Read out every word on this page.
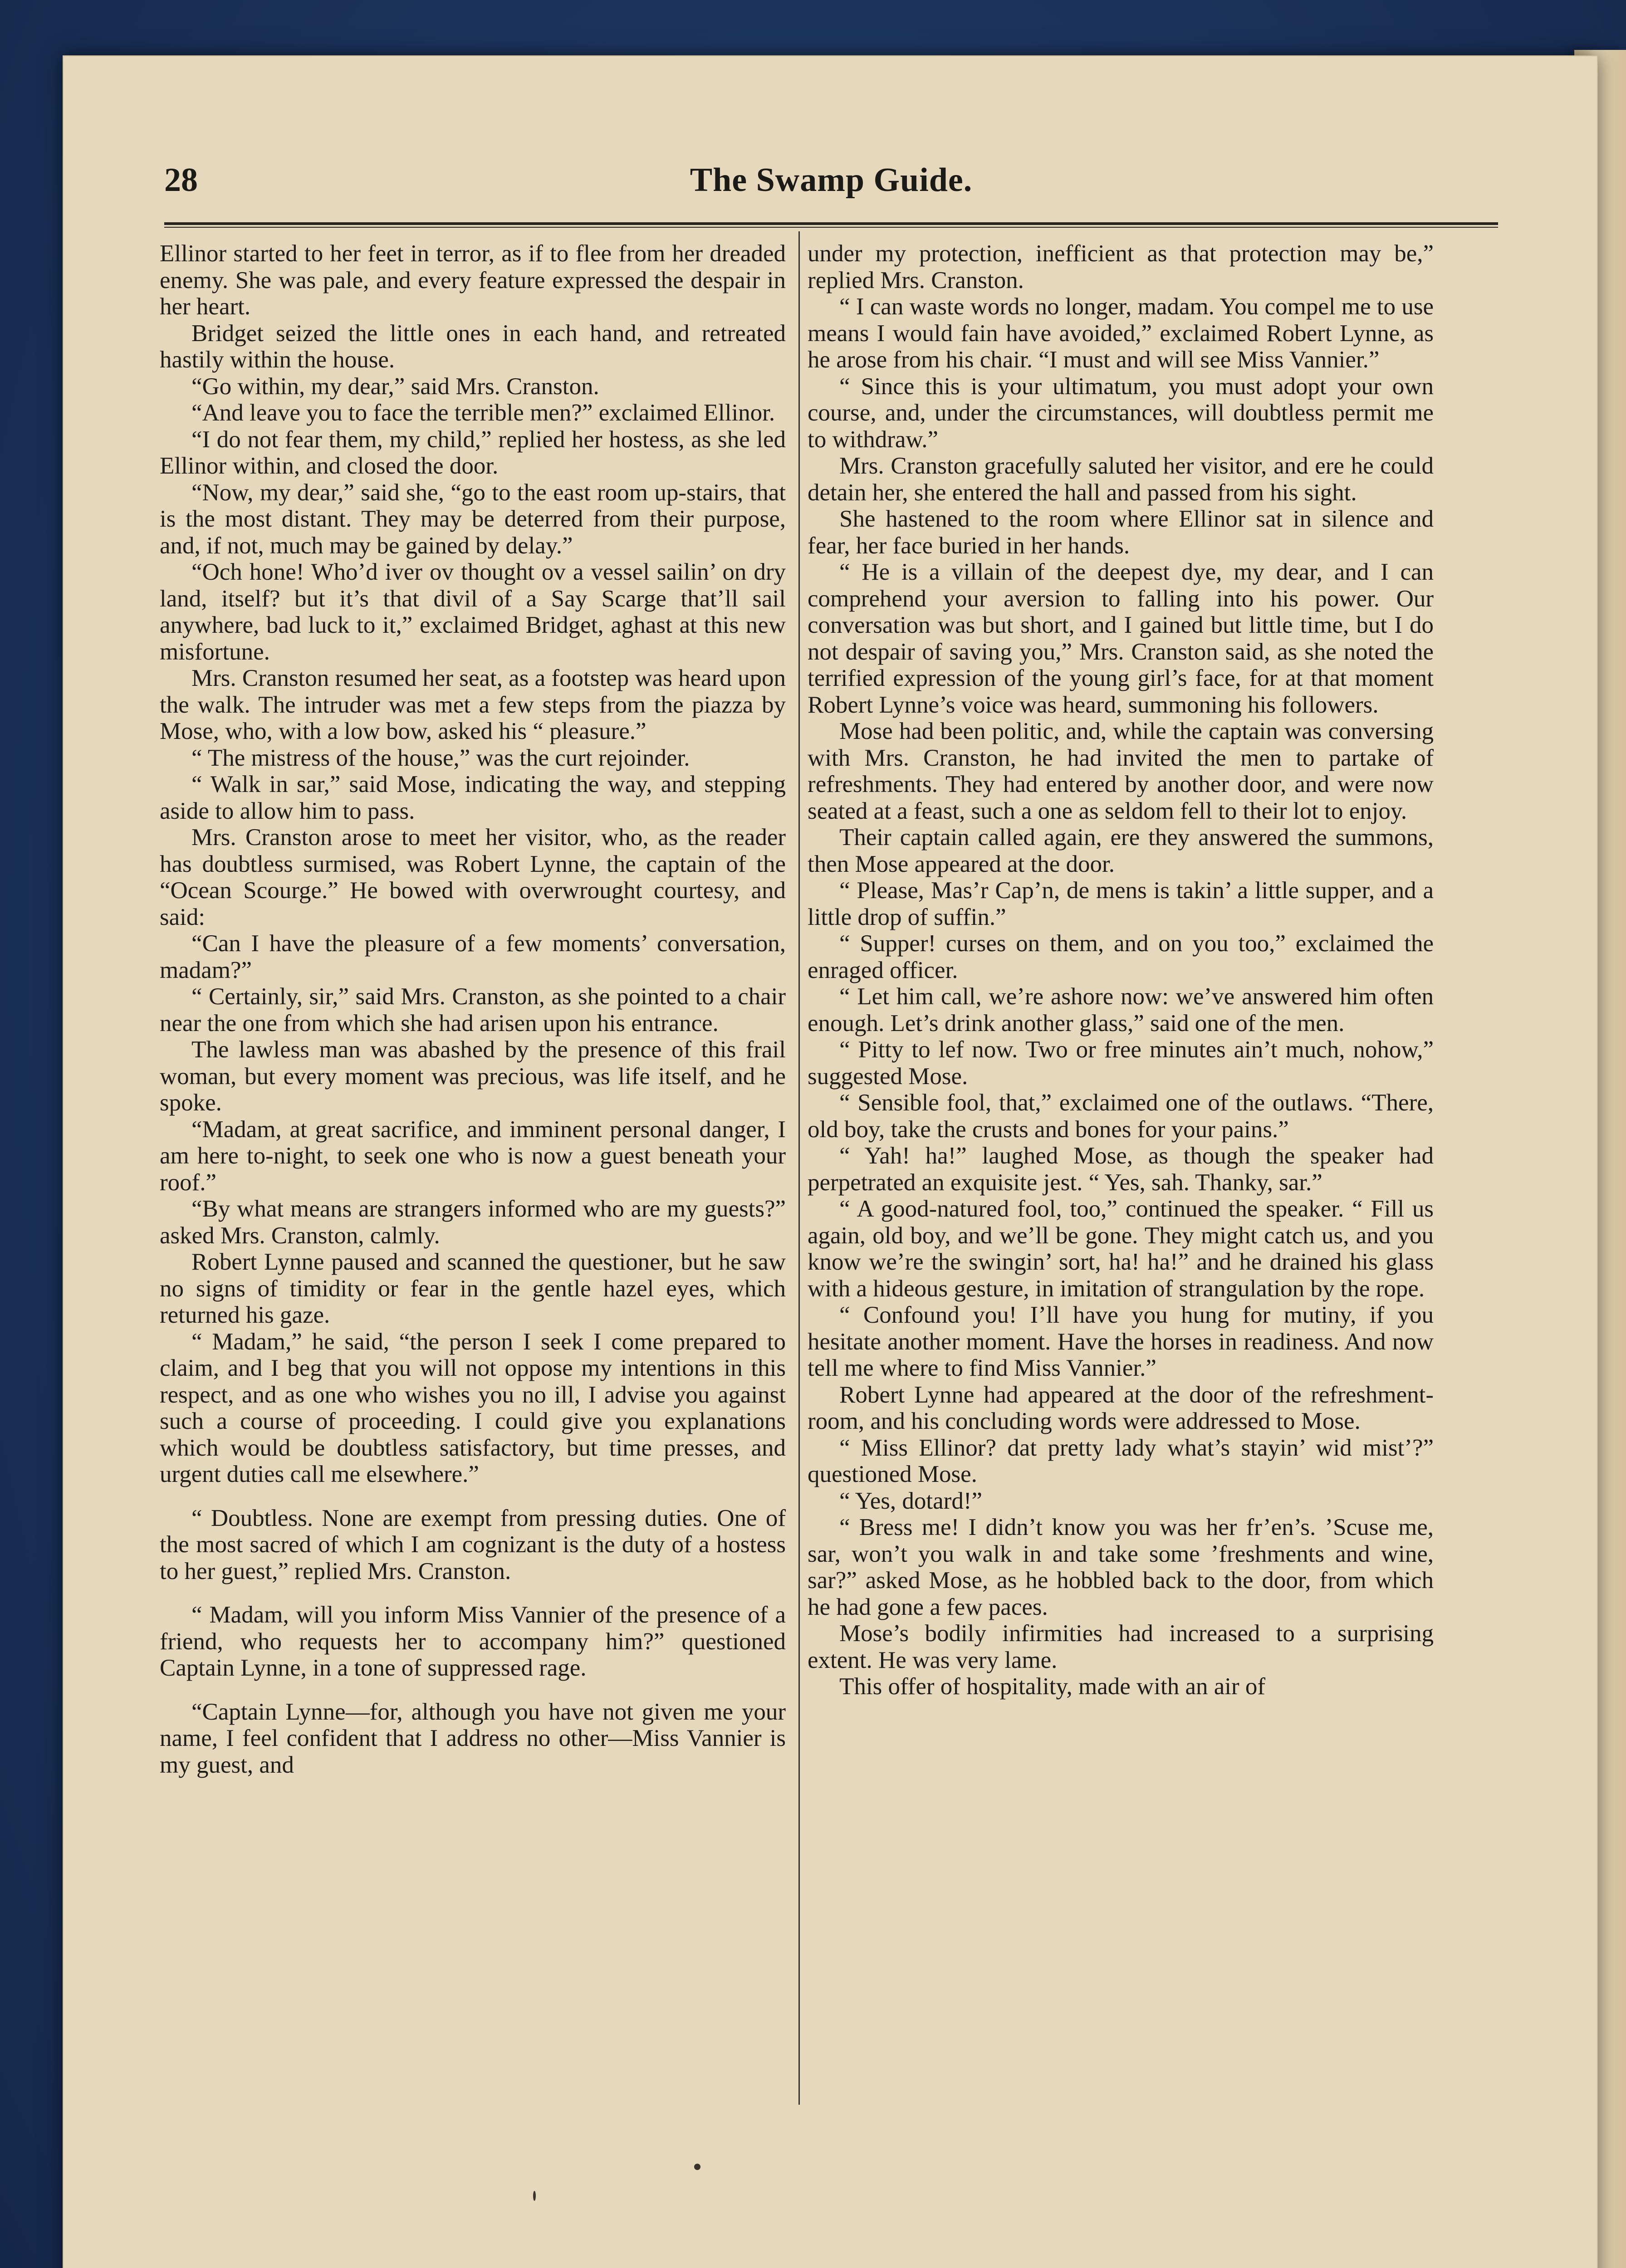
The Swamp Guide.
28

Ellinor started to her feet in terror, as if to flee from her dreaded enemy. She was pale, and every feature expressed the despair in her heart.

Bridget seized the little ones in each hand, and retreated hastily within the house.

“Go within, my dear,” said Mrs. Cranston.

“And leave you to face the terrible men?” exclaimed Ellinor.

“I do not fear them, my child,” replied her hostess, as she led Ellinor within, and closed the door.

“Now, my dear,” said she, “go to the east room up-stairs, that is the most distant. They may be deterred from their purpose, and, if not, much may be gained by delay.”

“Och hone! Who’d iver ov thought ov a vessel sailin’ on dry land, itself? but it’s that divil of a Say Scarge that’ll sail anywhere, bad luck to it,” exclaimed Bridget, aghast at this new misfortune.

Mrs. Cranston resumed her seat, as a footstep was heard upon the walk. The intruder was met a few steps from the piazza by Mose, who, with a low bow, asked his “ pleasure.”

“ The mistress of the house,” was the curt rejoinder.

“ Walk in sar,” said Mose, indicating the way, and stepping aside to allow him to pass.

Mrs. Cranston arose to meet her visitor, who, as the reader has doubtless surmised, was Robert Lynne, the captain of the “Ocean Scourge.” He bowed with overwrought courtesy, and said:

“Can I have the pleasure of a few moments’ conversation, madam?”

“ Certainly, sir,” said Mrs. Cranston, as she pointed to a chair near the one from which she had arisen upon his entrance.

The lawless man was abashed by the presence of this frail woman, but every moment was precious, was life itself, and he spoke.

“Madam, at great sacrifice, and imminent personal danger, I am here to-night, to seek one who is now a guest beneath your roof.”

“By what means are strangers informed who are my guests?” asked Mrs. Cranston, calmly.

Robert Lynne paused and scanned the questioner, but he saw no signs of timidity or fear in the gentle hazel eyes, which returned his gaze.

“ Madam,” he said, “the person I seek I come prepared to claim, and I beg that you will not oppose my intentions in this respect, and as one who wishes you no ill, I advise you against such a course of proceeding. I could give you explanations which would be doubtless satisfactory, but time presses, and urgent duties call me elsewhere.”

“ Doubtless. None are exempt from pressing duties. One of the most sacred of which I am cognizant is the duty of a hostess to her guest,” replied Mrs. Cranston.

“ Madam, will you inform Miss Vannier of the presence of a friend, who requests her to accompany him?” questioned Captain Lynne, in a tone of suppressed rage.

“Captain Lynne—for, although you have not given me your name, I feel confident that I address no other—Miss Vannier is my guest, and

under my protection, inefficient as that protection may be,” replied Mrs. Cranston.

“ I can waste words no longer, madam. You compel me to use means I would fain have avoided,” exclaimed Robert Lynne, as he arose from his chair. “I must and will see Miss Vannier.”

“ Since this is your ultimatum, you must adopt your own course, and, under the circumstances, will doubtless permit me to withdraw.”

Mrs. Cranston gracefully saluted her visitor, and ere he could detain her, she entered the hall and passed from his sight.

She hastened to the room where Ellinor sat in silence and fear, her face buried in her hands.

“ He is a villain of the deepest dye, my dear, and I can comprehend your aversion to falling into his power. Our conversation was but short, and I gained but little time, but I do not despair of saving you,” Mrs. Cranston said, as she noted the terrified expression of the young girl’s face, for at that moment Robert Lynne’s voice was heard, summoning his followers.

Mose had been politic, and, while the captain was conversing with Mrs. Cranston, he had invited the men to partake of refreshments. They had entered by another door, and were now seated at a feast, such a one as seldom fell to their lot to enjoy.

Their captain called again, ere they answered the summons, then Mose appeared at the door.

“ Please, Mas’r Cap’n, de mens is takin’ a little supper, and a little drop of suffin.”

“ Supper! curses on them, and on you too,” exclaimed the enraged officer.

“ Let him call, we’re ashore now: we’ve answered him often enough. Let’s drink another glass,” said one of the men.

“ Pitty to lef now. Two or free minutes ain’t much, nohow,” suggested Mose.

“ Sensible fool, that,” exclaimed one of the outlaws. “There, old boy, take the crusts and bones for your pains.”

“ Yah! ha!” laughed Mose, as though the speaker had perpetrated an exquisite jest. “ Yes, sah. Thanky, sar.”

“ A good-natured fool, too,” continued the speaker. “ Fill us again, old boy, and we’ll be gone. They might catch us, and you know we’re the swingin’ sort, ha! ha!” and he drained his glass with a hideous gesture, in imitation of strangulation by the rope.

“ Confound you! I’ll have you hung for mutiny, if you hesitate another moment. Have the horses in readiness. And now tell me where to find Miss Vannier.”

Robert Lynne had appeared at the door of the refreshment-room, and his concluding words were addressed to Mose.

“ Miss Ellinor? dat pretty lady what’s stayin’ wid mist’?” questioned Mose.

“ Yes, dotard!”

“ Bress me! I didn’t know you was her fr’en’s. ’Scuse me, sar, won’t you walk in and take some ’freshments and wine, sar?” asked Mose, as he hobbled back to the door, from which he had gone a few paces.

Mose’s bodily infirmities had increased to a surprising extent. He was very lame.

This offer of hospitality, made with an air of
